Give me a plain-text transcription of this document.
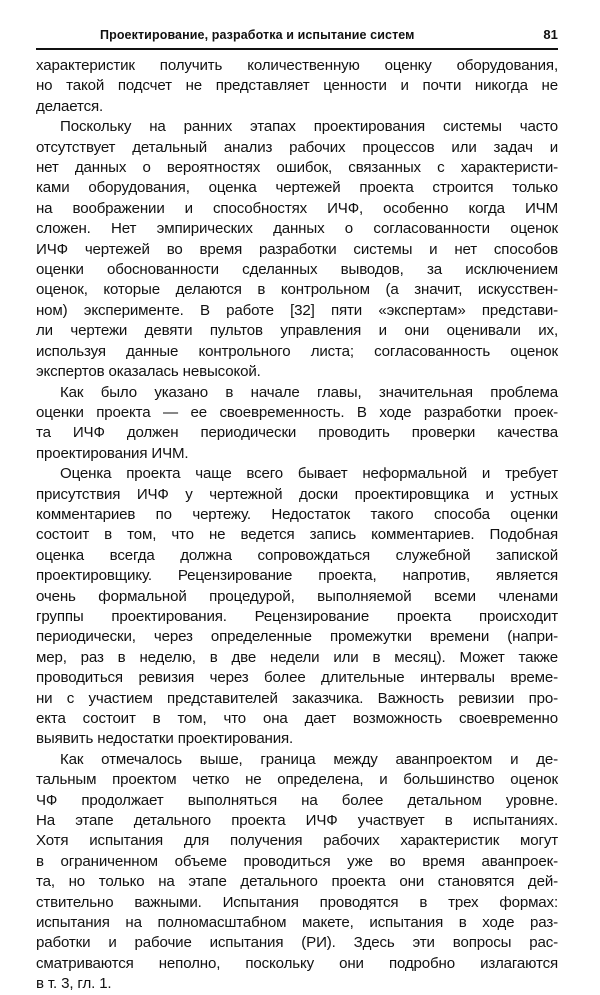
Проектирование, разработка и испытание систем	81

характеристик получить количественную оценку оборудования,
но такой подсчет не представляет ценности и почти никогда не
делается.

Поскольку на ранних этапах проектирования системы часто
отсутствует детальный анализ рабочих процессов или задач и
нет данных о вероятностях ошибок, связанных с характеристи-
ками оборудования, оценка чертежей проекта строится только
на воображении и способностях ИЧФ, особенно когда ИЧМ
сложен. Нет эмпирических данных о согласованности оценок
ИЧФ чертежей во время разработки системы и нет способов
оценки обоснованности сделанных выводов, за исключением
оценок, которые делаются в контрольном (а значит, искусствен-
ном) эксперименте. В работе [32] пяти «экспертам» представи-
ли чертежи девяти пультов управления и они оценивали их,
используя данные контрольного листа; согласованность оценок
экспертов оказалась невысокой.

Как было указано в начале главы, значительная проблема
оценки проекта — ее своевременность. В ходе разработки проек-
та ИЧФ должен периодически проводить проверки качества
проектирования ИЧМ.

Оценка проекта чаще всего бывает неформальной и требует
присутствия ИЧФ у чертежной доски проектировщика и устных
комментариев по чертежу. Недостаток такого способа оценки
состоит в том, что не ведется запись комментариев. Подобная
оценка всегда должна сопровождаться служебной запиской
проектировщику. Рецензирование проекта, напротив, является
очень формальной процедурой, выполняемой всеми членами
группы проектирования. Рецензирование проекта происходит
периодически, через определенные промежутки времени (напри-
мер, раз в неделю, в две недели или в месяц). Может также
проводиться ревизия через более длительные интервалы време-
ни с участием представителей заказчика. Важность ревизии про-
екта состоит в том, что она дает возможность своевременно
выявить недостатки проектирования.

Как отмечалось выше, граница между аванпроектом и де-
тальным проектом четко не определена, и большинство оценок
ЧФ продолжает выполняться на более детальном уровне.
На этапе детального проекта ИЧФ участвует в испытаниях.
Хотя испытания для получения рабочих характеристик могут
в ограниченном объеме проводиться уже во время аванпроек-
та, но только на этапе детального проекта они становятся дей-
ствительно важными. Испытания проводятся в трех формах:
испытания на полномасштабном макете, испытания в ходе раз-
работки и рабочие испытания (РИ). Здесь эти вопросы рас-
сматриваются неполно, поскольку они подробно излагаются
в т. 3, гл. 1.
